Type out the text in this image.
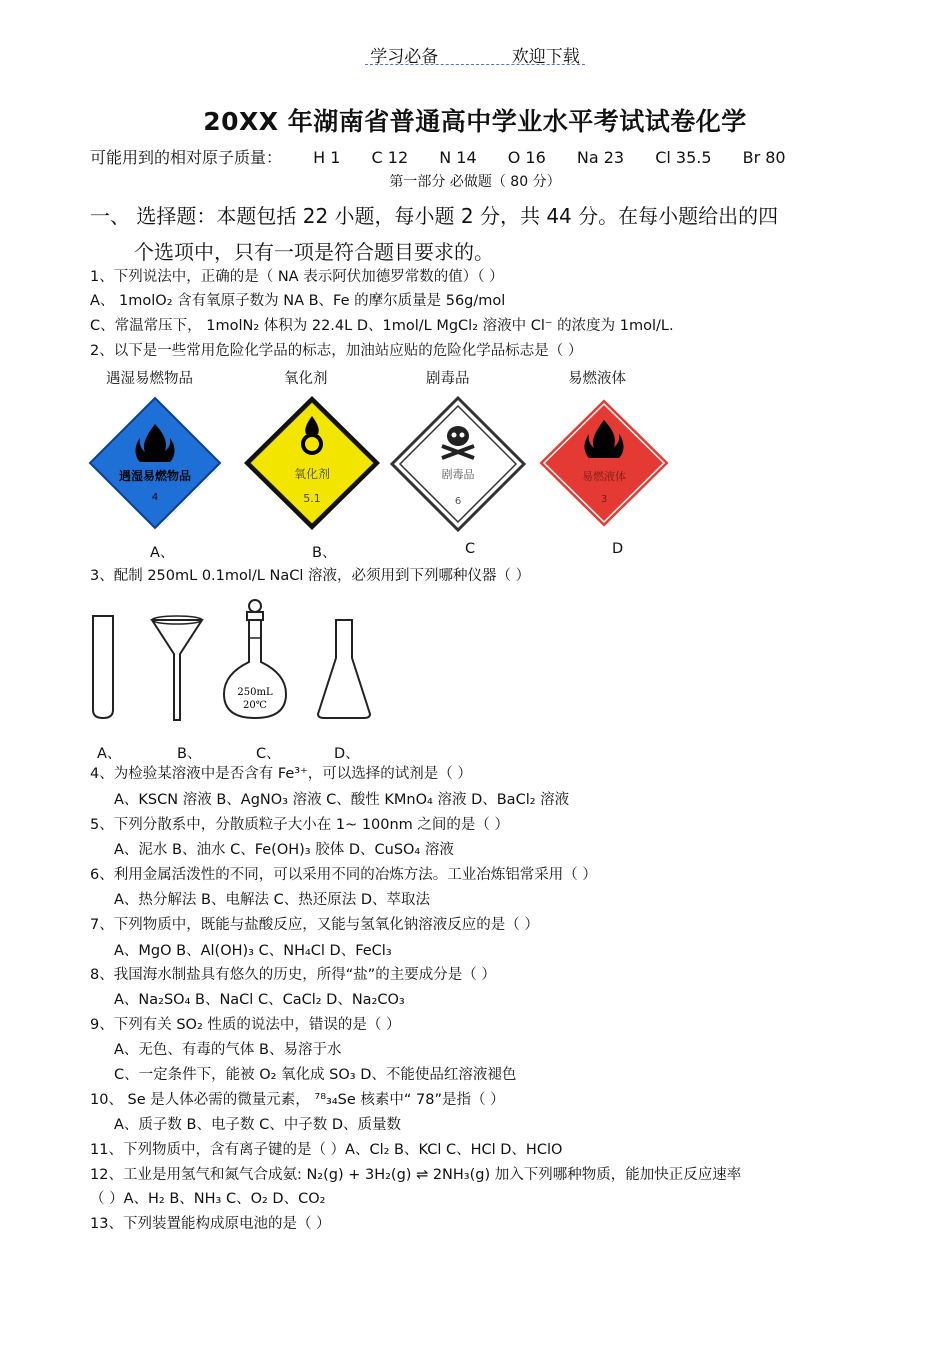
学习必备	欢迎下载
20XX 年湖南省普通高中学业水平考试试卷化学
可能用到的相对原子质量： H 1 C 12 N 14 O 16 Na 23 Cl 35.5 Br 80
第一部分 必做题（ 80 分）
一、 选择题：本题包括 22 小题，每小题 2 分，共 44 分。在每小题给出的四
个选项中，只有一项是符合题目要求的。
1、下列说法中，正确的是（ NA 表示阿伏加德罗常数的值）（ ）
A、 1molO₂ 含有氧原子数为 NA B、Fe 的摩尔质量是 56g/mol
C、常温常压下， 1molN₂ 体积为 22.4L D、1mol/L MgCl₂ 溶液中 Cl⁻ 的浓度为 1mol/L.
2、以下是一些常用危险化学品的标志，加油站应贴的危险化学品标志是（ ）
遇湿易燃物品	氧化剂	剧毒品	易燃液体
遇湿易燃物品
4
氧化剂
5.1
剧毒品
6
易燃液体
3
A、	B、	C	D
3、配制 250mL 0.1mol/L NaCl 溶液，必须用到下列哪种仪器（ ）
250mL
20℃
A、	B、	C、	D、
4、为检验某溶液中是否含有 Fe³⁺，可以选择的试剂是（ ）
A、KSCN 溶液 B、AgNO₃ 溶液 C、酸性 KMnO₄ 溶液 D、BaCl₂ 溶液
5、下列分散系中，分散质粒子大小在 1~ 100nm 之间的是（ ）
A、泥水 B、油水 C、Fe(OH)₃ 胶体 D、CuSO₄ 溶液
6、利用金属活泼性的不同，可以采用不同的冶炼方法。工业冶炼铝常采用（ ）
A、热分解法 B、电解法 C、热还原法 D、萃取法
7、下列物质中，既能与盐酸反应，又能与氢氧化钠溶液反应的是（ ）
A、MgO B、Al(OH)₃ C、NH₄Cl D、FeCl₃
8、我国海水制盐具有悠久的历史，所得“盐”的主要成分是（ ）
A、Na₂SO₄ B、NaCl C、CaCl₂ D、Na₂CO₃
9、下列有关 SO₂ 性质的说法中，错误的是（ ）
A、无色、有毒的气体 B、易溶于水
C、一定条件下，能被 O₂ 氧化成 SO₃ D、不能使品红溶液褪色
10、 Se 是人体必需的微量元素， ⁷⁸₃₄Se 核素中“ 78”是指（ ）
A、质子数 B、电子数 C、中子数 D、质量数
11、下列物质中，含有离子键的是（ ）A、Cl₂ B、KCl C、HCl D、HClO
12、工业是用氢气和氮气合成氨: N₂(g) + 3H₂(g) ⇌ 2NH₃(g) 加入下列哪种物质，能加快正反应速率
（ ）A、H₂ B、NH₃ C、O₂ D、CO₂
13、下列装置能构成原电池的是（ ）
